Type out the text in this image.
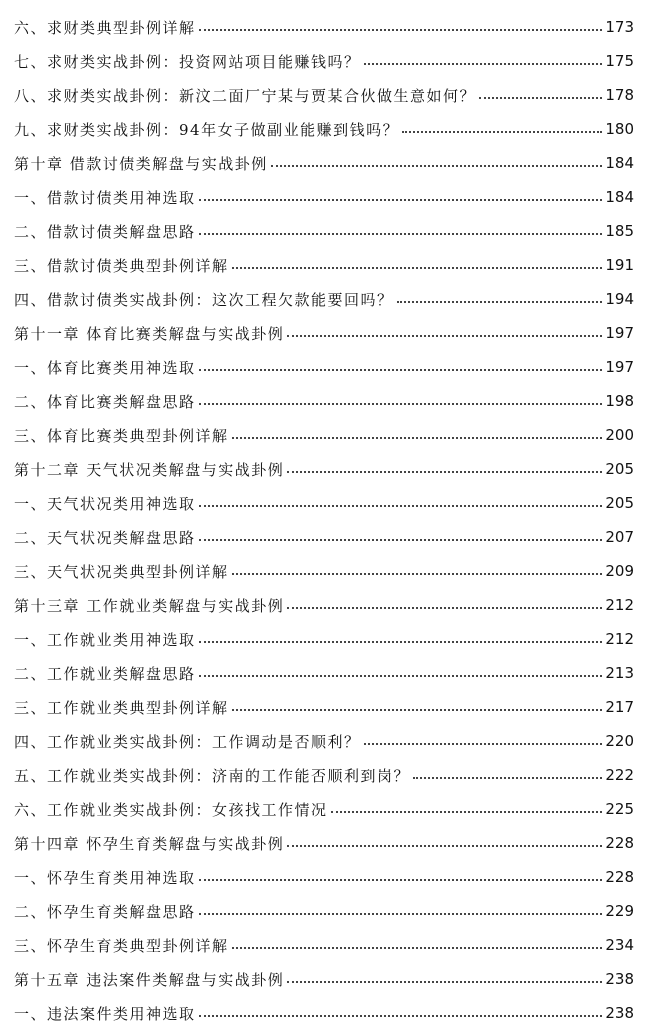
六、求财类典型卦例详解	173
七、求财类实战卦例：投资网站项目能赚钱吗？	175
八、求财类实战卦例：新汶二面厂宁某与贾某合伙做生意如何？	178
九、求财类实战卦例：94年女子做副业能赚到钱吗？	180
第十章 借款讨债类解盘与实战卦例	184
一、借款讨债类用神选取	184
二、借款讨债类解盘思路	185
三、借款讨债类典型卦例详解	191
四、借款讨债类实战卦例：这次工程欠款能要回吗？	194
第十一章 体育比赛类解盘与实战卦例	197
一、体育比赛类用神选取	197
二、体育比赛类解盘思路	198
三、体育比赛类典型卦例详解	200
第十二章 天气状况类解盘与实战卦例	205
一、天气状况类用神选取	205
二、天气状况类解盘思路	207
三、天气状况类典型卦例详解	209
第十三章 工作就业类解盘与实战卦例	212
一、工作就业类用神选取	212
二、工作就业类解盘思路	213
三、工作就业类典型卦例详解	217
四、工作就业类实战卦例：工作调动是否顺利？	220
五、工作就业类实战卦例：济南的工作能否顺利到岗？	222
六、工作就业类实战卦例：女孩找工作情况	225
第十四章 怀孕生育类解盘与实战卦例	228
一、怀孕生育类用神选取	228
二、怀孕生育类解盘思路	229
三、怀孕生育类典型卦例详解	234
第十五章 违法案件类解盘与实战卦例	238
一、违法案件类用神选取	238
